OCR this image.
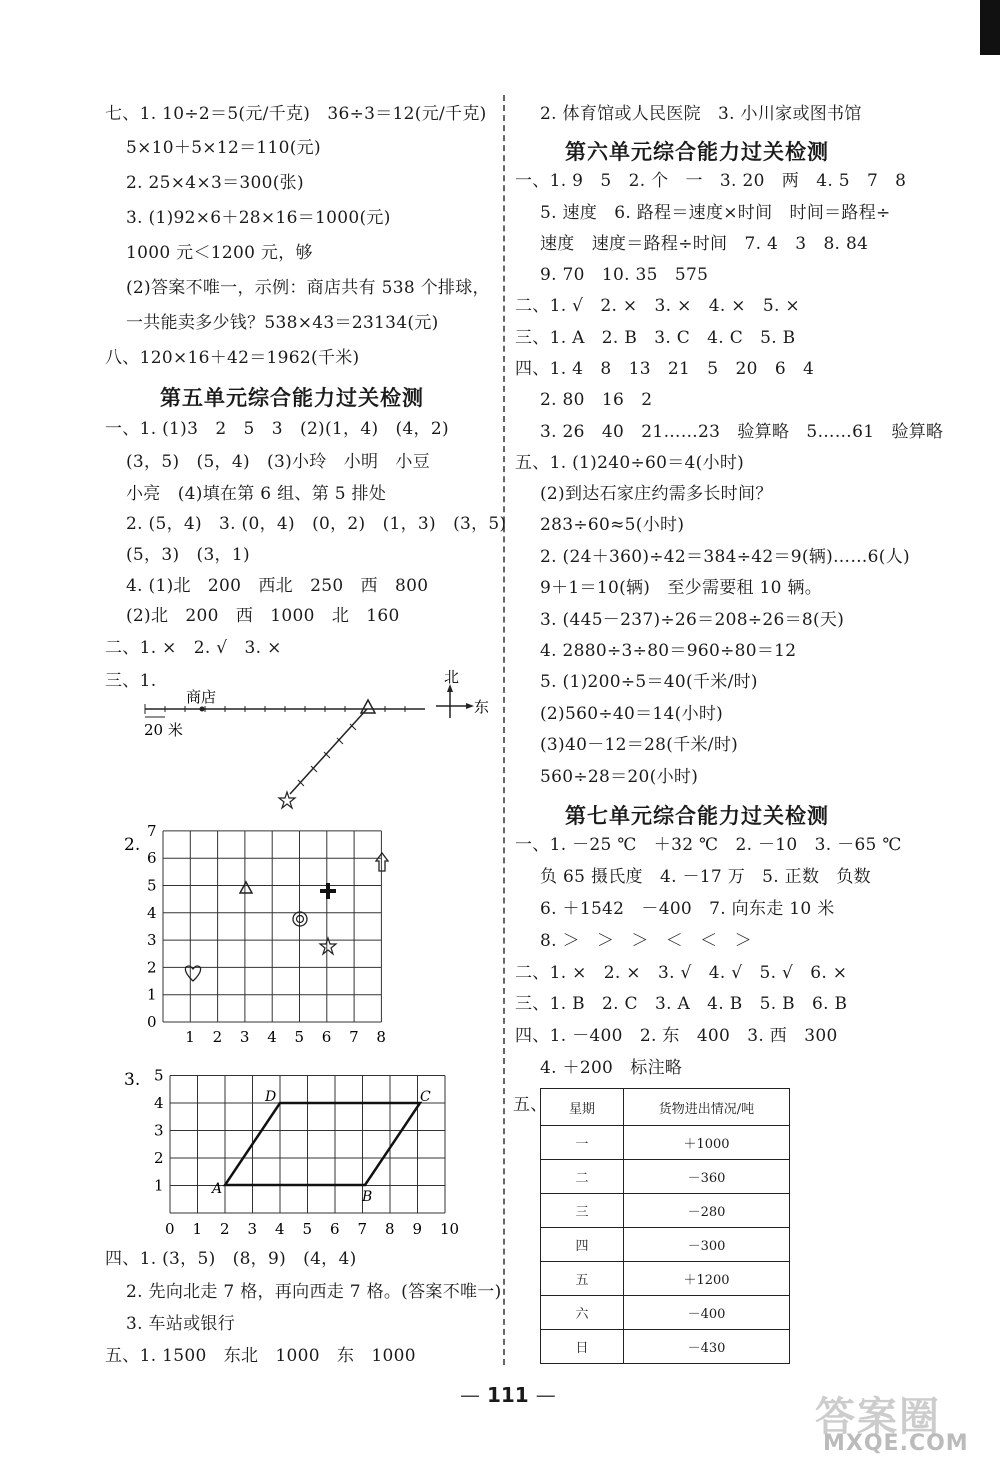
七、1. 10÷2＝5(元/千克)   36÷3＝12(元/千克)
5×10＋5×12＝110(元)
2. 25×4×3＝300(张)
3. (1)92×6＋28×16＝1000(元)
1000 元＜1200 元，够
(2)答案不唯一，示例：商店共有 538 个排球，
一共能卖多少钱？538×43＝23134(元)
八、120×16＋42＝1962(千米)
第五单元综合能力过关检测
一、1. (1)3   2   5   3   (2)(1，4)   (4，2)
(3，5)   (5，4)   (3)小玲   小明   小豆
小亮   (4)填在第 6 组、第 5 排处
2. (5，4)   3. (0，4)   (0，2)   (1，3)   (3，5)
(5，3)   (3，1)
4. (1)北   200   西北   250   西   800
(2)北   200   西   1000   北   160
二、1. ×   2. √   3. ×
三、1.
商店
20 米
北
东
2.
1 2 3 4 5 6 7 8
0
1
2
3
4
5
6
7
3.
0 1 2 3 4 5 6 7 8 9 10
1
2
3
4
5
A	B
C
D
四、1. (3，5)   (8，9)   (4，4)
2. 先向北走 7 格，再向西走 7 格。(答案不唯一)
3. 车站或银行
五、1. 1500   东北   1000   东   1000
2. 体育馆或人民医院   3. 小川家或图书馆
第六单元综合能力过关检测
一、1. 9   5   2. 个   一   3. 20   两   4. 5   7   8
5. 速度   6. 路程＝速度×时间   时间＝路程÷
速度   速度＝路程÷时间   7. 4   3   8. 84
9. 70   10. 35   575
二、1. √   2. ×   3. ×   4. ×   5. ×
三、1. A   2. B   3. C   4. C   5. B
四、1. 4   8   13   21   5   20   6   4
2. 80   16   2
3. 26   40   21……23   验算略   5……61   验算略
五、1. (1)240÷60＝4(小时)
(2)到达石家庄约需多长时间？
283÷60≈5(小时)
2. (24＋360)÷42＝384÷42＝9(辆)……6(人)
9＋1＝10(辆)   至少需要租 10 辆。
3. (445－237)÷26＝208÷26＝8(天)
4. 2880÷3÷80＝960÷80＝12
5. (1)200÷5＝40(千米/时)
(2)560÷40＝14(小时)
(3)40－12＝28(千米/时)
560÷28＝20(小时)
第七单元综合能力过关检测
一、1. －25 ℃   ＋32 ℃   2. －10   3. －65 ℃
负 65 摄氏度   4. －17 万   5. 正数   负数
6. ＋1542   －400   7. 向东走 10 米
8. ＞   ＞   ＞   ＜   ＜   ＞
二、1. ×   2. ×   3. √   4. √   5. √   6. ×
三、1. B   2. C   3. A   4. B   5. B   6. B
四、1. －400   2. 东   400   3. 西   300
4. ＋200   标注略
五、 星期	货物进出情况/吨
一	＋1000
二	－360
三	－280
四	－300
五	＋1200
六	－400
日	－430
— 111 —	答案圈
MXQE.COM
